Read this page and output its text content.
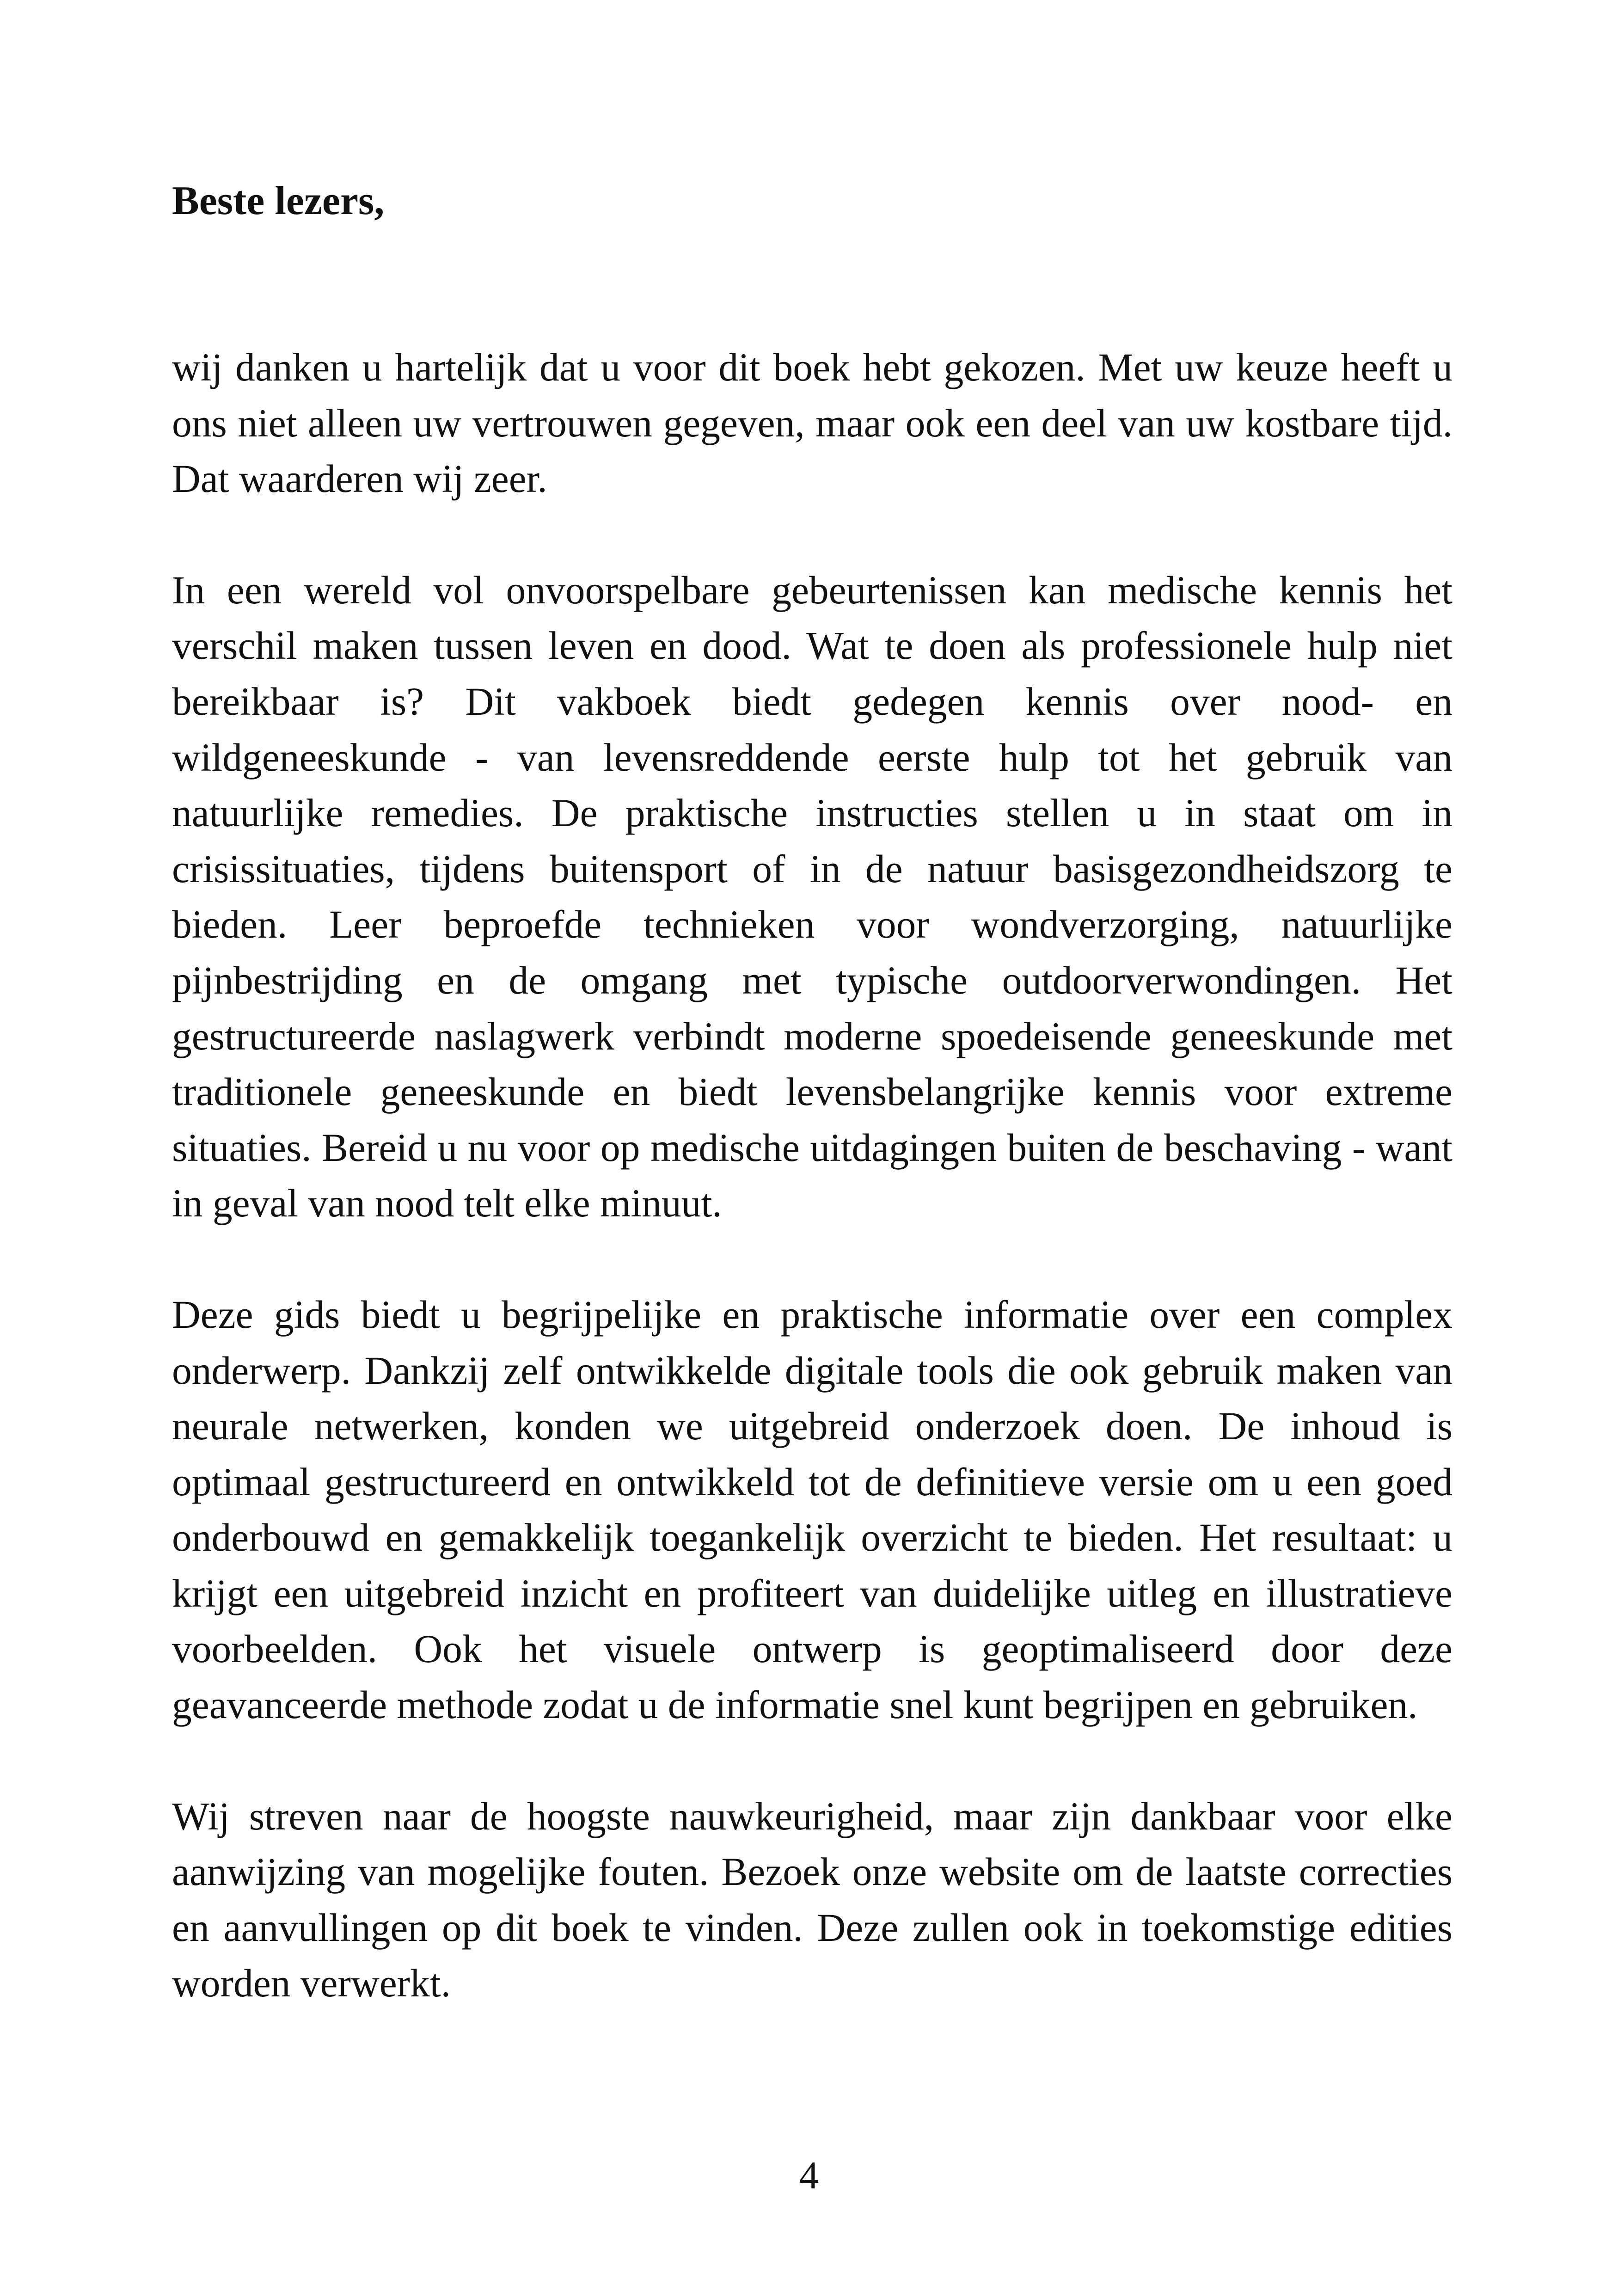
Beste lezers,

wij danken u hartelijk dat u voor dit boek hebt gekozen. Met uw keuze heeft u ons niet alleen uw vertrouwen gegeven, maar ook een deel van uw kostbare tijd. Dat waarderen wij zeer.

In een wereld vol onvoorspelbare gebeurtenissen kan medische kennis het verschil maken tussen leven en dood. Wat te doen als professionele hulp niet bereikbaar is? Dit vakboek biedt gedegen kennis over nood- en wildgeneeskunde - van levensreddende eerste hulp tot het gebruik van natuurlijke remedies. De praktische instructies stellen u in staat om in crisissituaties, tijdens buitensport of in de natuur basisgezondheidszorg te bieden. Leer beproefde technieken voor wondverzorging, natuurlijke pijnbestrijding en de omgang met typische outdoorverwondingen. Het gestructureerde naslagwerk verbindt moderne spoedeisende geneeskunde met traditionele geneeskunde en biedt levensbelangrijke kennis voor extreme situaties. Bereid u nu voor op medische uitdagingen buiten de beschaving - want in geval van nood telt elke minuut.

Deze gids biedt u begrijpelijke en praktische informatie over een complex onderwerp. Dankzij zelf ontwikkelde digitale tools die ook gebruik maken van neurale netwerken, konden we uitgebreid onderzoek doen. De inhoud is optimaal gestructureerd en ontwikkeld tot de definitieve versie om u een goed onderbouwd en gemakkelijk toegankelijk overzicht te bieden. Het resultaat: u krijgt een uitgebreid inzicht en profiteert van duidelijke uitleg en illustratieve voorbeelden. Ook het visuele ontwerp is geoptimaliseerd door deze geavanceerde methode zodat u de informatie snel kunt begrijpen en gebruiken.

Wij streven naar de hoogste nauwkeurigheid, maar zijn dankbaar voor elke aanwijzing van mogelijke fouten. Bezoek onze website om de laatste correcties en aanvullingen op dit boek te vinden. Deze zullen ook in toekomstige edities worden verwerkt.

4
